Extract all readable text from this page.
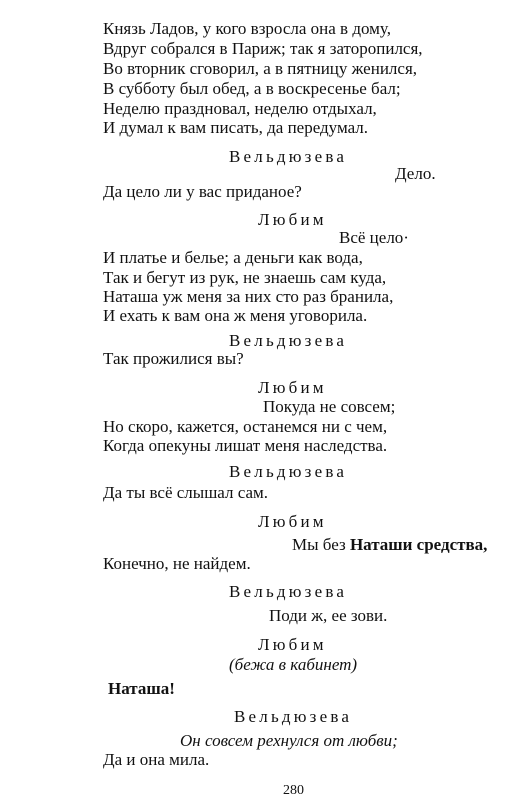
Князь Ладов, у кого взросла она в дому,
Вдруг собрался в Париж; так я заторопился,
Во вторник сговорил, а в пятницу женился,
В субботу был обед, а в воскресенье бал;
Неделю праздновал, неделю отдыхал,
И думал к вам писать, да передумал.
Вельдюзева
Дело.
Да цело ли у вас приданое?
Любим
Всё цело·
И платье и белье; а деньги как вода,
Так и бегут из рук, не знаешь сам куда,
Наташа уж меня за них сто раз бранила,
И ехать к вам она ж меня уговорила.
Вельдюзева
Так прожилися вы?
Любим
Покуда не совсем;
Но скоро, кажется, останемся ни с чем,
Когда опекуны лишат меня наследства.
Вельдюзева
Да ты всё слышал сам.
Любим
Мы без Наташи средства,
Конечно, не найдем.
Вельдюзева
Поди ж, ее зови.
Любим
(бежа в кабинет)
Наташа!
Вельдюзева
Он совсем рехнулся от любви;
Да и она мила.
280
